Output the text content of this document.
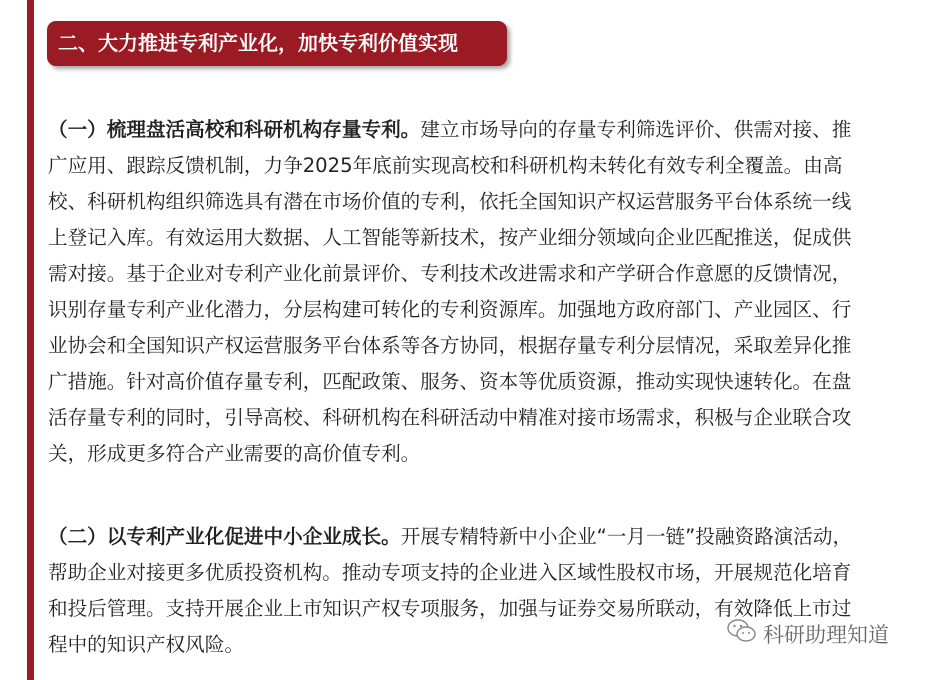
二、大力推进专利产业化，加快专利价值实现
（一）梳理盘活高校和科研机构存量专利。建立市场导向的存量专利筛选评价、供需对接、推广应用、跟踪反馈机制，力争2025年底前实现高校和科研机构未转化有效专利全覆盖。由高校、科研机构组织筛选具有潜在市场价值的专利，依托全国知识产权运营服务平台体系统一线上登记入库。有效运用大数据、人工智能等新技术，按产业细分领域向企业匹配推送，促成供需对接。基于企业对专利产业化前景评价、专利技术改进需求和产学研合作意愿的反馈情况，识别存量专利产业化潜力，分层构建可转化的专利资源库。加强地方政府部门、产业园区、行业协会和全国知识产权运营服务平台体系等各方协同，根据存量专利分层情况，采取差异化推广措施。针对高价值存量专利，匹配政策、服务、资本等优质资源，推动实现快速转化。在盘活存量专利的同时，引导高校、科研机构在科研活动中精准对接市场需求，积极与企业联合攻关，形成更多符合产业需要的高价值专利。
（二）以专利产业化促进中小企业成长。开展专精特新中小企业“一月一链”投融资路演活动，帮助企业对接更多优质投资机构。推动专项支持的企业进入区域性股权市场，开展规范化培育和投后管理。支持开展企业上市知识产权专项服务，加强与证券交易所联动，有效降低上市过程中的知识产权风险。	科研助理知道
